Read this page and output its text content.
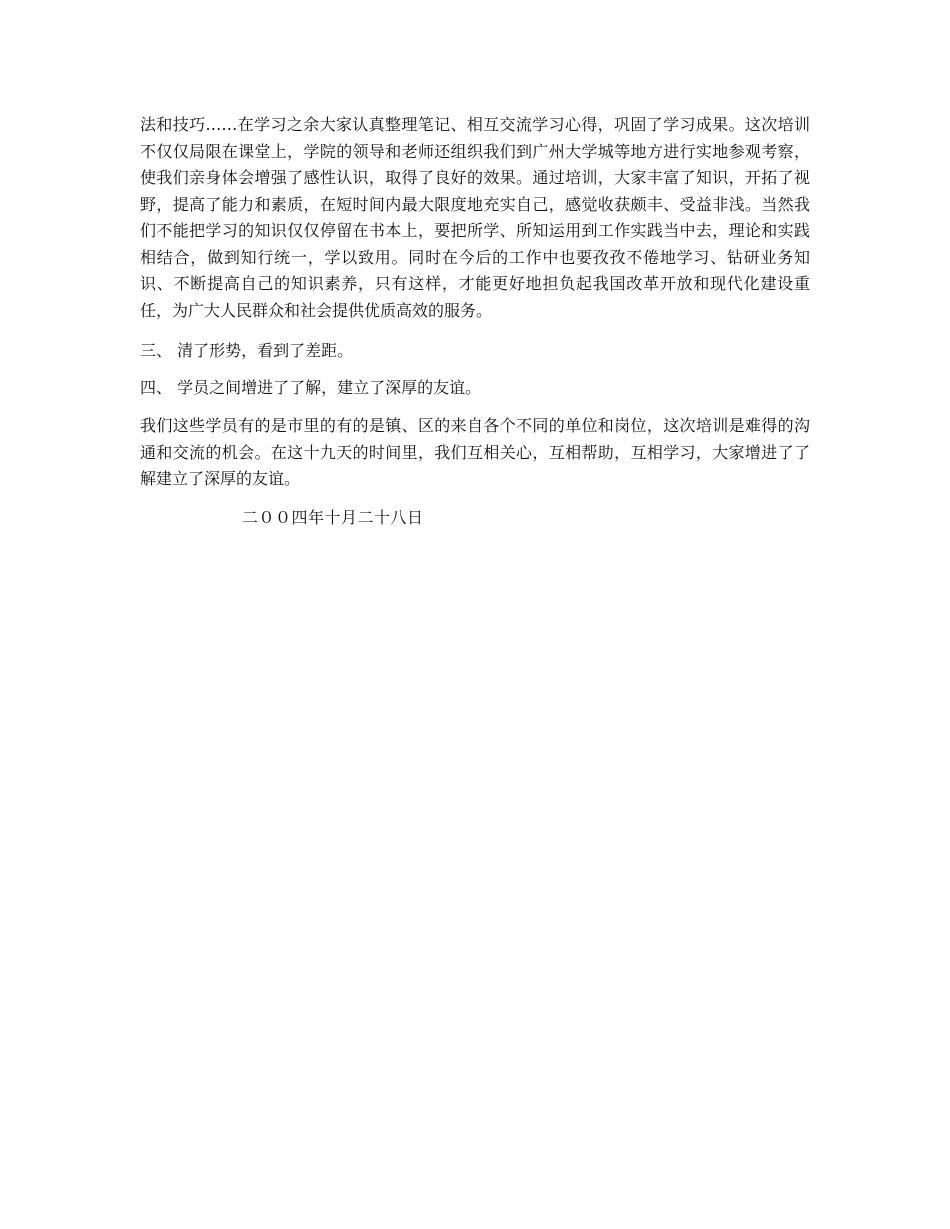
法和技巧……在学习之余大家认真整理笔记、相互交流学习心得，巩固了学习成果。这次培训不仅仅局限在课堂上，学院的领导和老师还组织我们到广州大学城等地方进行实地参观考察，使我们亲身体会增强了感性认识，取得了良好的效果。通过培训，大家丰富了知识，开拓了视野，提高了能力和素质，在短时间内最大限度地充实自己，感觉收获颇丰、受益非浅。当然我们不能把学习的知识仅仅停留在书本上，要把所学、所知运用到工作实践当中去，理论和实践相结合，做到知行统一，学以致用。同时在今后的工作中也要孜孜不倦地学习、钻研业务知识、不断提高自己的知识素养，只有这样，才能更好地担负起我国改革开放和现代化建设重任，为广大人民群众和社会提供优质高效的服务。

三、 清了形势，看到了差距。

四、 学员之间增进了了解，建立了深厚的友谊。

我们这些学员有的是市里的有的是镇、区的来自各个不同的单位和岗位，这次培训是难得的沟通和交流的机会。在这十九天的时间里，我们互相关心，互相帮助，互相学习，大家增进了了解建立了深厚的友谊。

二００四年十月二十八日
